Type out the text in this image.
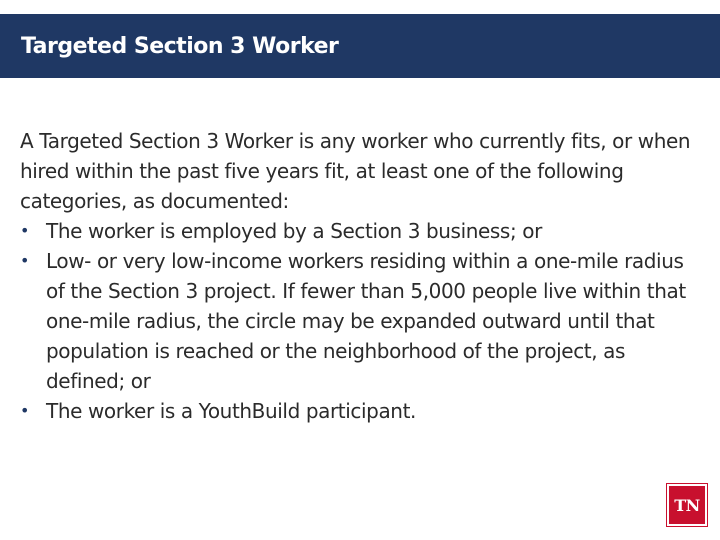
Targeted Section 3 Worker

A Targeted Section 3 Worker is any worker who currently fits, or when hired within the past five years fit, at least one of the following categories, as documented:

• The worker is employed by a Section 3 business; or
• Low- or very low-income workers residing within a one-mile radius of the Section 3 project. If fewer than 5,000 people live within that one-mile radius, the circle may be expanded outward until that population is reached or the neighborhood of the project, as defined; or
• The worker is a YouthBuild participant.
TN
